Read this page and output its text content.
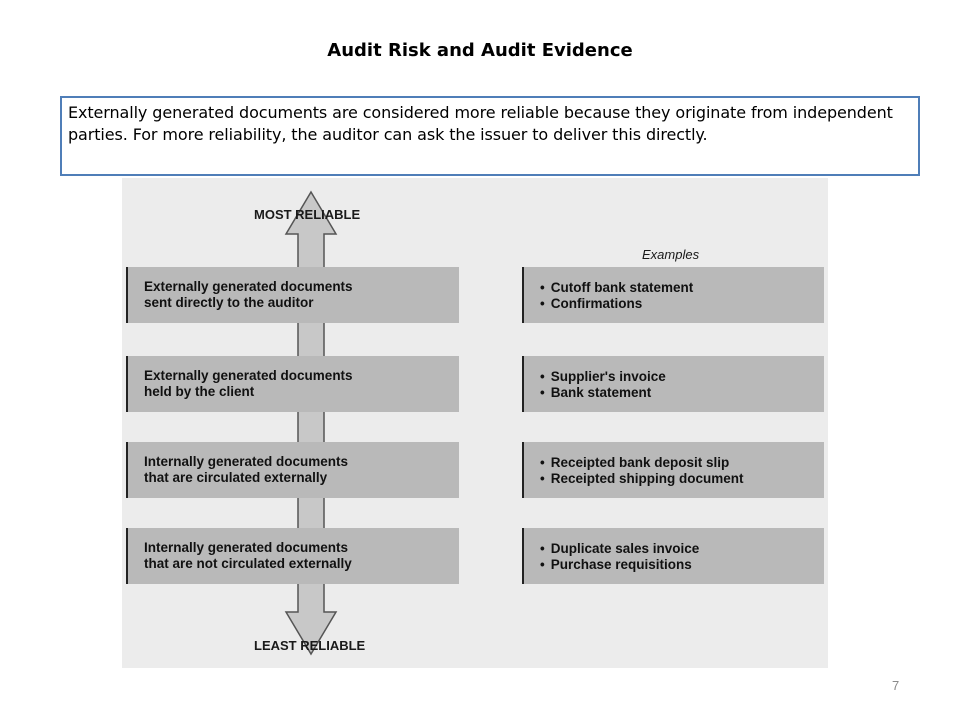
Audit Risk and Audit Evidence
Externally generated documents are considered more reliable because they originate from independent parties. For more reliability, the auditor can ask the issuer to deliver this directly.
MOST RELIABLE
LEAST RELIABLE
Examples
Externally generated documents
sent directly to the auditor
• Cutoff bank statement
• Confirmations
Externally generated documents
held by the client
• Supplier's invoice
• Bank statement
Internally generated documents
that are circulated externally
• Receipted bank deposit slip
• Receipted shipping document
Internally generated documents
that are not circulated externally
• Duplicate sales invoice
• Purchase requisitions
7
